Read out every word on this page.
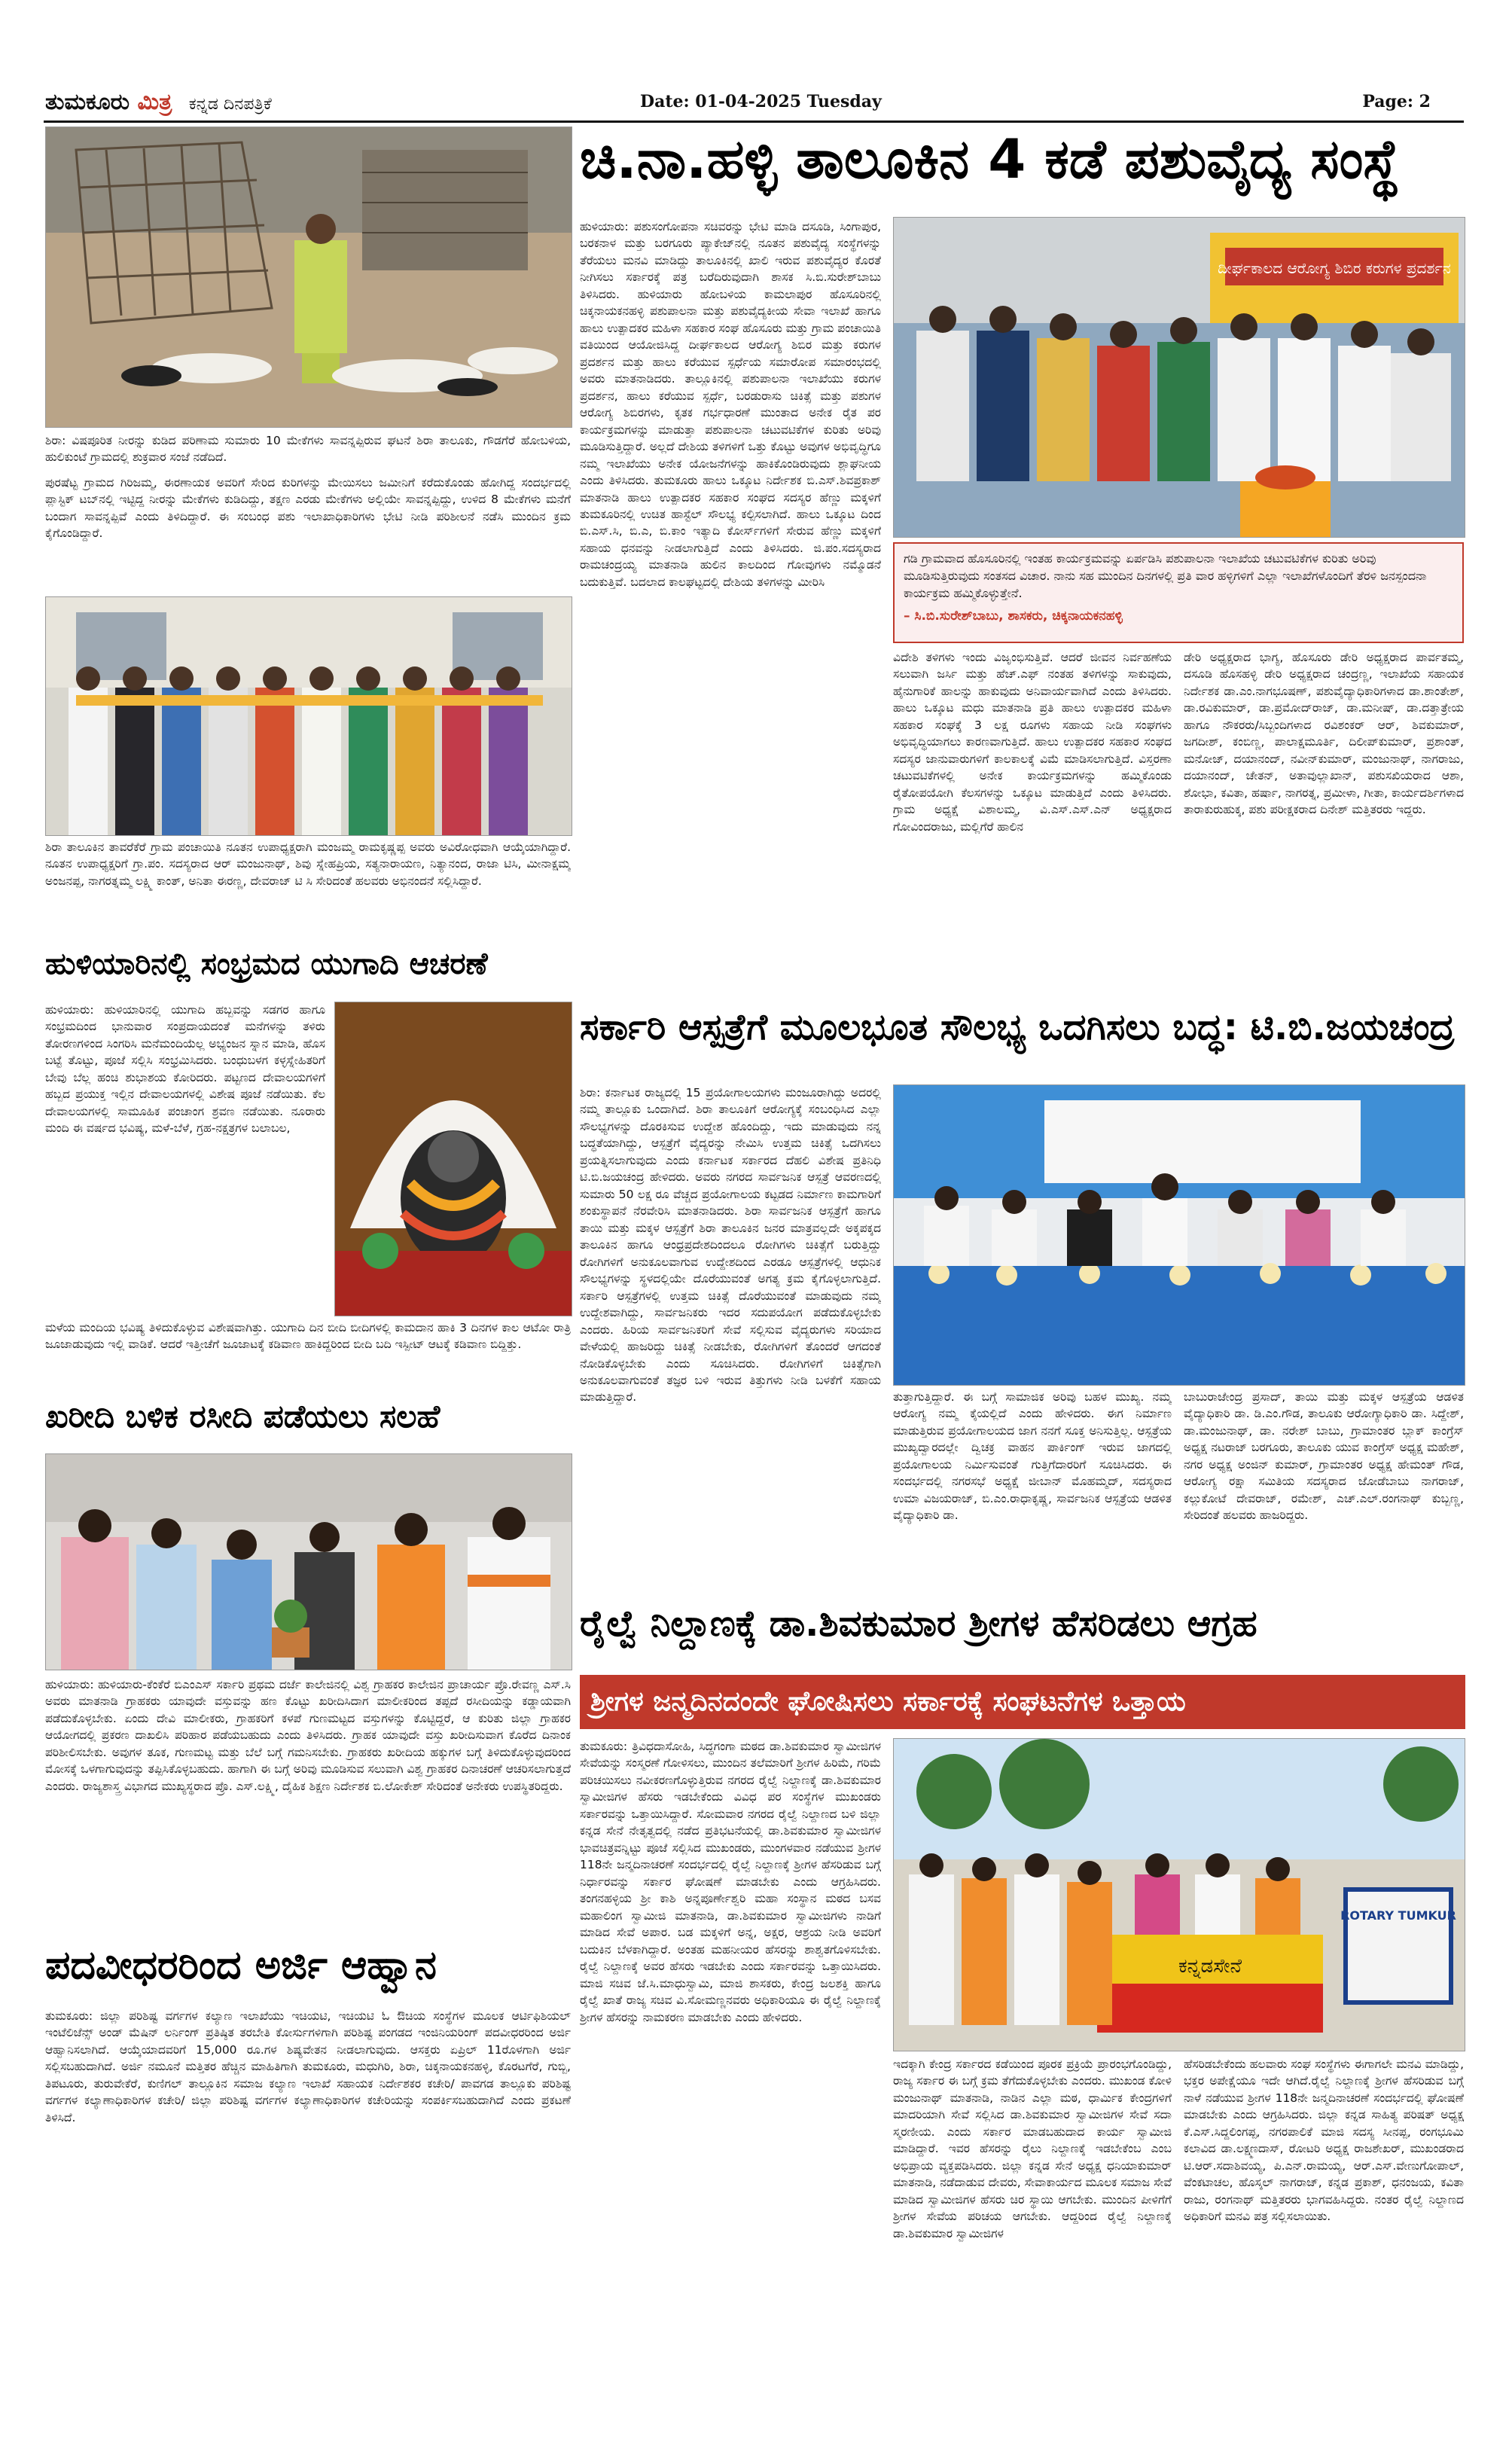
ತುಮಕೂರು ಮಿತ್ರ ಕನ್ನಡ ದಿನಪತ್ರಿಕೆ	Date: 01-04-2025 Tuesday	Page: 2
ಶಿರಾ: ವಿಷಪೂರಿತ ನೀರನ್ನು ಕುಡಿದ ಪರಿಣಾಮ ಸುಮಾರು 10 ಮೇಕೆಗಳು ಸಾವನ್ನಪ್ಪಿರುವ ಘಟನೆ ಶಿರಾ ತಾಲೂಕು, ಗೌಡಗೆರೆ ಹೋಬಳಿಯ, ಹುಲಿಕುಂಟೆ ಗ್ರಾಮದಲ್ಲಿ ಶುಕ್ರವಾರ ಸಂಜೆ ನಡೆದಿದೆ.
ಪುರಷೆಟ್ಟ ಗ್ರಾಮದ ಗಿರಿಜಮ್ಮ, ಈರಣಾಯಕ ಅವರಿಗೆ ಸೇರಿದ ಕುರಿಗಳನ್ನು ಮೇಯಿಸಲು ಜಮೀನಿಗೆ ಕರೆದುಕೊಂಡು ಹೋಗಿದ್ದ ಸಂದರ್ಭದಲ್ಲಿ ಪ್ಲಾಸ್ಟಿಕ್ ಟಬ್‌ನಲ್ಲಿ ಇಟ್ಟಿದ್ದ ನೀರನ್ನು ಮೇಕೆಗಳು ಕುಡಿದಿದ್ದು, ತಕ್ಷಣ ಎರಡು ಮೇಕೆಗಳು ಅಲ್ಲಿಯೇ ಸಾವನ್ನಪ್ಪಿದ್ದು, ಉಳಿದ 8 ಮೇಕೆಗಳು ಮನೆಗೆ ಬಂದಾಗ ಸಾವನ್ನಪ್ಪಿವೆ ಎಂದು ತಿಳಿದಿದ್ದಾರೆ. ಈ ಸಂಬಂಧ ಪಶು ಇಲಾಖಾಧಿಕಾರಿಗಳು ಭೇಟಿ ನೀಡಿ ಪರಿಶೀಲನೆ ನಡೆಸಿ ಮುಂದಿನ ಕ್ರಮ ಕೈಗೊಂಡಿದ್ದಾರೆ.
ಶಿರಾ ತಾಲೂಕಿನ ತಾವರೆಕೆರೆ ಗ್ರಾಮ ಪಂಚಾಯಿತಿ ನೂತನ ಉಪಾಧ್ಯಕ್ಷರಾಗಿ ಮಂಜಮ್ಮ ರಾಮಕೃಷ್ಣಪ್ಪ ಅವರು ಅವಿರೋಧವಾಗಿ ಆಯ್ಕೆಯಾಗಿದ್ದಾರೆ. ನೂತನ ಉಪಾಧ್ಯಕ್ಷರಿಗೆ ಗ್ರಾ.ಪಂ. ಸದಸ್ಯರಾದ ಆರ್ ಮಂಜುನಾಥ್, ಶಿವು ಸ್ನೇಹಪ್ರಿಯ, ಸತ್ಯನಾರಾಯಣ, ನಿತ್ಯಾನಂದ, ರಾಜಾ ಟಿಸಿ, ಮೀನಾಕ್ಷಮ್ಮ ಅಂಜನಪ್ಪ, ನಾಗರತ್ನಮ್ಮ ಲಕ್ಷ್ಮಿ ಕಾಂತ್, ಅನಿತಾ ಈರಣ್ಣ, ದೇವರಾಜ್ ಟಿ ಸಿ ಸೇರಿದಂತೆ ಹಲವರು ಅಭಿನಂದನೆ ಸಲ್ಲಿಸಿದ್ದಾರೆ.
ಹುಳಿಯಾರಿನಲ್ಲಿ ಸಂಭ್ರಮದ ಯುಗಾದಿ ಆಚರಣೆ
ಹುಳಿಯಾರು: ಹುಳಿಯಾರಿನಲ್ಲಿ ಯುಗಾದಿ ಹಬ್ಬವನ್ನು ಸಡಗರ ಹಾಗೂ ಸಂಭ್ರಮದಿಂದ ಭಾನುವಾರ ಸಂಪ್ರದಾಯದಂತೆ ಮನೆಗಳನ್ನು ತಳಿರು ತೋರಣಗಳಿಂದ ಸಿಂಗರಿಸಿ ಮನೆಮಂದಿಯೆಲ್ಲ ಅಭ್ಯಂಜನ ಸ್ನಾನ ಮಾಡಿ, ಹೊಸ ಬಟ್ಟೆ ತೊಟ್ಟು, ಪೂಜೆ ಸಲ್ಲಿಸಿ ಸಂಭ್ರಮಿಸಿದರು. ಬಂಧುಬಳಗ ಕಳ್ಳಸ್ನೇಹಿತರಿಗೆ ಬೇವು ಬೆಲ್ಲ ಹಂಚಿ ಶುಭಾಶಯ ಕೋರಿದರು. ಪಟ್ಟಣದ ದೇವಾಲಯಗಳಿಗೆ ಹಬ್ಬದ ಪ್ರಯುಕ್ತ ಇಲ್ಲಿನ ದೇವಾಲಯಗಳಲ್ಲಿ ವಿಶೇಷ ಪೂಜೆ ನಡೆಯಿತು. ಕೆಲ ದೇವಾಲಯಗಳಲ್ಲಿ ಸಾಮೂಹಿಕ ಪಂಚಾಂಗ ಶ್ರವಣ ನಡೆಯಿತು. ನೂರಾರು ಮಂದಿ ಈ ವರ್ಷದ ಭವಿಷ್ಯ, ಮಳೆ-ಬೆಳೆ, ಗ್ರಹ-ನಕ್ಷತ್ರಗಳ ಬಲಾಬಲ,
ಮಳೆಯ ಮಂದಿಯ ಭವಿಷ್ಯ ತಿಳಿದುಕೊಳ್ಳುವ ವಿಶೇಷವಾಗಿತ್ತು. ಯುಗಾದಿ ದಿನ ಬೀದಿ ಬೀದಿಗಳಲ್ಲಿ ಕಾಮದಾನ ಹಾಕಿ 3 ದಿನಗಳ ಕಾಲ ಆಟೋ ರಾತ್ರಿ ಜೂಜಾಡುವುದು ಇಲ್ಲಿ ವಾಡಿಕೆ. ಆದರೆ ಇತ್ತೀಚೆಗೆ ಜೂಜಾಟಕ್ಕೆ ಕಡಿವಾಣ ಹಾಕಿದ್ದರಿಂದ ಬೀದಿ ಬದಿ ಇಸ್ಪೀಟ್ ಆಟಕ್ಕೆ ಕಡಿವಾಣ ಬಿದ್ದಿತ್ತು.
ಖರೀದಿ ಬಳಿಕ ರಸೀದಿ ಪಡೆಯಲು ಸಲಹೆ
ಹುಳಿಯಾರು: ಹುಳಿಯಾರು-ಕೆಂಕೆರೆ ಬಿಎಂಎಸ್ ಸರ್ಕಾರಿ ಪ್ರಥಮ ದರ್ಜೆ ಕಾಲೇಜಿನಲ್ಲಿ ವಿಶ್ವ ಗ್ರಾಹಕರ ಕಾಲೇಜಿನ ಪ್ರಾಚಾರ್ಯ ಪ್ರೊ.ರೇವಣ್ಣ ಎಸ್.ಸಿ ಅವರು ಮಾತನಾಡಿ ಗ್ರಾಹಕರು ಯಾವುದೇ ವಸ್ತುವನ್ನು ಹಣ ಕೊಟ್ಟು ಖರೀದಿಸಿದಾಗ ಮಾಲೀಕರಿಂದ ತಪ್ಪದೆ ರಸೀದಿಯನ್ನು ಕಡ್ಡಾಯವಾಗಿ ಪಡೆದುಕೊಳ್ಳಬೇಕು. ಏಂದು ದೇವಿ ಮಾಲೀಕರು, ಗ್ರಾಹಕರಿಗೆ ಕಳಪೆ ಗುಣಮಟ್ಟದ ವಸ್ತುಗಳನ್ನು ಕೊಟ್ಟಿದ್ದರೆ, ಆ ಕುರಿತು ಜಿಲ್ಲಾ ಗ್ರಾಹಕರ ಆಯೋಗದಲ್ಲಿ ಪ್ರಕರಣ ದಾಖಲಿಸಿ ಪರಿಹಾರ ಪಡೆಯಬಹುದು ಎಂದು ತಿಳಿಸಿದರು. ಗ್ರಾಹಕ ಯಾವುದೇ ವಸ್ತು ಖರೀದಿಸುವಾಗ ಕೊರೆದ ದಿನಾಂಕ ಪರಿಶೀಲಿಸಬೇಕು. ಅವುಗಳ ತೂಕ, ಗುಣಮಟ್ಟ ಮತ್ತು ಬೆಲೆ ಬಗ್ಗೆ ಗಮನಿಸಬೇಕು. ಗ್ರಾಹಕರು ಖರೀದಿಯ ಹಕ್ಕುಗಳ ಬಗ್ಗೆ ತಿಳಿದುಕೊಳ್ಳುವುದರಿಂದ ಮೋಸಕ್ಕೆ ಒಳಗಾಗುವುದನ್ನು ತಪ್ಪಿಸಿಕೊಳ್ಳಬಹುದು. ಹಾಗಾಗಿ ಈ ಬಗ್ಗೆ ಅರಿವು ಮೂಡಿಸುವ ಸಲುವಾಗಿ ವಿಶ್ವ ಗ್ರಾಹಕರ ದಿನಾಚರಣೆ ಆಚರಿಸಲಾಗುತ್ತದೆ ಎಂದರು. ರಾಜ್ಯಶಾಸ್ತ್ರ ವಿಭಾಗದ ಮುಖ್ಯಸ್ಥರಾದ ಪ್ರೊ. ಎಸ್.ಲಕ್ಷ್ಮಿ, ದೈಹಿಕ ಶಿಕ್ಷಣ ನಿರ್ದೇಶಕ ಬಿ.ಲೋಕೇಶ್ ಸೇರಿದಂತೆ ಅನೇಕರು ಉಪಸ್ಥಿತರಿದ್ದರು.
ಪದವೀಧರರಿಂದ ಅರ್ಜಿ ಆಹ್ವಾನ
ತುಮಕೂರು: ಜಿಲ್ಲಾ ಪರಿಶಿಷ್ಟ ವರ್ಗಗಳ ಕಲ್ಯಾಣ ಇಲಾಖೆಯು ಇಚಿಯಟಿ, ಇಚಿಯಟಿ ಓ ಔಚಿಯ ಸಂಸ್ಥೆಗಳ ಮೂಲಕ ಆರ್ಟಿಫಿಶಿಯಲ್ ಇಂಟೆಲಿಜೆನ್ಸ್ ಅಂಡ್ ಮೆಷಿನ್ ಲರ್ನಿಂಗ್ ಪ್ರತಿಷ್ಠಿತ ತರಬೇತಿ ಕೋರ್ಸುಗಳಿಗಾಗಿ ಪರಿಶಿಷ್ಟ ಪಂಗಡದ ಇಂಜಿನಿಯರಿಂಗ್ ಪದವೀಧರರಿಂದ ಅರ್ಜಿ ಆಹ್ವಾನಿಸಲಾಗಿದೆ. ಆಯ್ಕೆಯಾದವರಿಗೆ 15,000 ರೂ.ಗಳ ಶಿಷ್ಯವೇತನ ನೀಡಲಾಗುವುದು. ಆಸಕ್ತರು ಏಪ್ರಿಲ್ 11ರೊಳಗಾಗಿ ಅರ್ಜಿ ಸಲ್ಲಿಸಬಹುದಾಗಿದೆ. ಅರ್ಜಿ ನಮೂನೆ ಮತ್ತಿತರ ಹೆಚ್ಚಿನ ಮಾಹಿತಿಗಾಗಿ ತುಮಕೂರು, ಮಧುಗಿರಿ, ಶಿರಾ, ಚಿಕ್ಕನಾಯಕನಹಳ್ಳಿ, ಕೊರಟಗೆರೆ, ಗುಬ್ಬಿ, ತಿಪಟೂರು, ತುರುವೇಕೆರೆ, ಕುಣಿಗಲ್ ತಾಲ್ಲೂಕಿನ ಸಮಾಜ ಕಲ್ಯಾಣ ಇಲಾಖೆ ಸಹಾಯಕ ನಿರ್ದೇಶಕರ ಕಚೇರಿ/ ಪಾವಗಡ ತಾಲ್ಲೂಕು ಪರಿಶಿಷ್ಟ ವರ್ಗಗಳ ಕಲ್ಯಾಣಾಧಿಕಾರಿಗಳ ಕಚೇರಿ/ ಜಿಲ್ಲಾ ಪರಿಶಿಷ್ಟ ವರ್ಗಗಳ ಕಲ್ಯಾಣಾಧಿಕಾರಿಗಳ ಕಚೇರಿಯನ್ನು ಸಂಪರ್ಕಿಸಬಹುದಾಗಿದೆ ಎಂದು ಪ್ರಕಟಣೆ ತಿಳಿಸಿದೆ.
ಚಿ.ನಾ.ಹಳ್ಳಿ ತಾಲೂಕಿನ 4 ಕಡೆ ಪಶುವೈದ್ಯ ಸಂಸ್ಥೆ
ಹುಳಿಯಾರು: ಪಶುಸಂಗೋಪನಾ ಸಚಿವರನ್ನು ಭೇಟಿ ಮಾಡಿ ದಸೂಡಿ, ಸಿಂಗಾಪುರ, ಬರಕನಾಳ ಮತ್ತು ಬರಗೂರು ಪ್ಯಾಕೇಜ್‌ನಲ್ಲಿ ನೂತನ ಪಶುವೈದ್ಯ ಸಂಸ್ಥೆಗಳನ್ನು ತೆರೆಯಲು ಮನವಿ ಮಾಡಿದ್ದು ತಾಲೂಕಿನಲ್ಲಿ ಖಾಲಿ ಇರುವ ಪಶುವೈದ್ಯರ ಕೊರತೆ ನೀಗಿಸಲು ಸರ್ಕಾರಕ್ಕೆ ಪತ್ರ ಬರೆದಿರುವುದಾಗಿ ಶಾಸಕ ಸಿ.ಬಿ.ಸುರೇಶ್‌ಬಾಬು ತಿಳಿಸಿದರು. ಹುಳಿಯಾರು ಹೋಬಳಿಯ ಕಾಮಲಾಪುರ ಹೊಸೂರಿನಲ್ಲಿ ಚಿಕ್ಕನಾಯಕನಹಳ್ಳಿ ಪಶುಪಾಲನಾ ಮತ್ತು ಪಶುವೈದ್ಯಕೀಯ ಸೇವಾ ಇಲಾಖೆ ಹಾಗೂ ಹಾಲು ಉತ್ಪಾದಕರ ಮಹಿಳಾ ಸಹಕಾರ ಸಂಘ ಹೊಸೂರು ಮತ್ತು ಗ್ರಾಮ ಪಂಚಾಯಿತಿ ವತಿಯಿಂದ ಆಯೋಜಿಸಿದ್ದ ದೀರ್ಘಕಾಲದ ಆರೋಗ್ಯ ಶಿಬಿರ ಮತ್ತು ಕರುಗಳ ಪ್ರದರ್ಶನ ಮತ್ತು ಹಾಲು ಕರೆಯುವ ಸ್ಪರ್ಧೆಯ ಸಮಾರೋಪ ಸಮಾರಂಭದಲ್ಲಿ ಅವರು ಮಾತನಾಡಿದರು. ತಾಲ್ಲೂಕಿನಲ್ಲಿ ಪಶುಪಾಲನಾ ಇಲಾಖೆಯು ಕರುಗಳ ಪ್ರದರ್ಶನ, ಹಾಲು ಕರೆಯುವ ಸ್ಪರ್ಧೆ, ಬರಡುರಾಸು ಚಿಕಿತ್ಸೆ ಮತ್ತು ಪಶುಗಳ ಆರೋಗ್ಯ ಶಿಬಿರಗಳು, ಕೃತಕ ಗರ್ಭಧಾರಣೆ ಮುಂತಾದ ಅನೇಕ ರೈತ ಪರ ಕಾರ್ಯಕ್ರಮಗಳನ್ನು ಮಾಡುತ್ತಾ ಪಶುಪಾಲನಾ ಚಟುವಟಿಕೆಗಳ ಕುರಿತು ಅರಿವು ಮೂಡಿಸುತ್ತಿದ್ದಾರೆ. ಅಲ್ಲದೆ ದೇಶಿಯ ತಳಿಗಳಿಗೆ ಒತ್ತು ಕೊಟ್ಟು ಅವುಗಳ ಅಭಿವೃದ್ಧಿಗೂ ನಮ್ಮ ಇಲಾಖೆಯು ಅನೇಕ ಯೋಜನೆಗಳನ್ನು ಹಾಕಿಕೊಂಡಿರುವುದು ಶ್ಲಾಘನೀಯ ಎಂದು ತಿಳಿಸಿದರು. ತುಮಕೂರು ಹಾಲು ಒಕ್ಕೂಟ ನಿರ್ದೇಶಕ ಬಿ.ಎಸ್.ಶಿವಪ್ರಕಾಶ್ ಮಾತನಾಡಿ ಹಾಲು ಉತ್ಪಾದಕರ ಸಹಕಾರ ಸಂಘದ ಸದಸ್ಯರ ಹೆಣ್ಣು ಮಕ್ಕಳಿಗೆ ತುಮಕೂರಿನಲ್ಲಿ ಉಚಿತ ಹಾಸ್ಟೆಲ್ ಸೌಲಭ್ಯ ಕಲ್ಪಿಸಲಾಗಿದೆ. ಹಾಲು ಒಕ್ಕೂಟ ದಿಂದ ಬಿ.ಎಸ್.ಸಿ, ಬಿ.ಎ, ಬಿ.ಕಾಂ ಇತ್ಯಾದಿ ಕೋರ್ಸ್‌ಗಳಿಗೆ ಸೇರುವ ಹೆಣ್ಣು ಮಕ್ಕಳಿಗೆ ಸಹಾಯ ಧನವನ್ನು ನೀಡಲಾಗುತ್ತಿದೆ ಎಂದು ತಿಳಿಸಿದರು. ಜಿ.ಪಂ.ಸದಸ್ಯರಾದ ರಾಮಚಂದ್ರಯ್ಯ ಮಾತನಾಡಿ ಹುಲಿನ ಕಾಲದಿಂದ ಗೋವುಗಳು ನಮ್ಮೊಡನೆ ಬದುಕುತ್ತಿವೆ. ಬದಲಾದ ಕಾಲಘಟ್ಟದಲ್ಲಿ ದೇಶಿಯ ತಳಿಗಳನ್ನು ಮೀರಿಸಿ
ದೀರ್ಘಕಾಲದ ಆರೋಗ್ಯ ಶಿಬಿರ ಕರುಗಳ ಪ್ರದರ್ಶನ
ಗಡಿ ಗ್ರಾಮವಾದ ಹೊಸೂರಿನಲ್ಲಿ ಇಂತಹ ಕಾರ್ಯಕ್ರಮವನ್ನು ಏರ್ಪಡಿಸಿ ಪಶುಪಾಲನಾ ಇಲಾಖೆಯ ಚಟುವಟಿಕೆಗಳ ಕುರಿತು ಅರಿವು ಮೂಡಿಸುತ್ತಿರುವುದು ಸಂತಸದ ವಿಚಾರ. ನಾನು ಸಹ ಮುಂದಿನ ದಿನಗಳಲ್ಲಿ ಪ್ರತಿ ವಾರ ಹಳ್ಳಿಗಳಿಗೆ ಎಲ್ಲಾ ಇಲಾಖೆಗಳೊಂದಿಗೆ ತೆರಳಿ ಜನಸ್ಪಂದನಾ ಕಾರ್ಯಕ್ರಮ ಹಮ್ಮಿಕೊಳ್ಳುತ್ತೇನೆ.
– ಸಿ.ಬಿ.ಸುರೇಶ್‌ಬಾಬು, ಶಾಸಕರು, ಚಿಕ್ಕನಾಯಕನಹಳ್ಳಿ
ವಿದೇಶಿ ತಳಿಗಳು ಇಂದು ವಿಜೃಂಭಿಸುತ್ತಿವೆ. ಆದರೆ ಜೀವನ ನಿರ್ವಹಣೆಯ ಸಲುವಾಗಿ ಜರ್ಸಿ ಮತ್ತು ಹೆಚ್.ಎಫ್ ನಂತಹ ತಳಿಗಳನ್ನು ಸಾಕುವುದು, ಹೈನುಗಾರಿಕೆ ಹಾಲನ್ನು ಹಾಕುವುದು ಅನಿವಾರ್ಯವಾಗಿದೆ ಎಂದು ತಿಳಿಸಿದರು. ಹಾಲು ಒಕ್ಕೂಟ ಮಧು ಮಾತನಾಡಿ ಪ್ರತಿ ಹಾಲು ಉತ್ಪಾದಕರ ಮಹಿಳಾ ಸಹಕಾರ ಸಂಘಕ್ಕೆ 3 ಲಕ್ಷ ರೂಗಳು ಸಹಾಯ ನೀಡಿ ಸಂಘಗಳು ಅಭಿವೃದ್ಧಿಯಾಗಲು ಕಾರಣವಾಗುತ್ತಿದೆ. ಹಾಲು ಉತ್ಪಾದಕರ ಸಹಕಾರ ಸಂಘದ ಸದಸ್ಯರ ಜಾನುವಾರುಗಳಿಗೆ ಕಾಲಕಾಲಕ್ಕೆ ವಿಮೆ ಮಾಡಿಸಲಾಗುತ್ತಿದೆ. ವಿಸ್ತರಣಾ ಚಟುವಟಿಕೆಗಳಲ್ಲಿ ಅನೇಕ ಕಾರ್ಯಕ್ರಮಗಳನ್ನು ಹಮ್ಮಿಕೊಂಡು ರೈತೋಪಯೋಗಿ ಕೆಲಸಗಳನ್ನು ಒಕ್ಕೂಟ ಮಾಡುತ್ತಿದೆ ಎಂದು ತಿಳಿಸಿದರು. ಗ್ರಾಮ ಅಧ್ಯಕ್ಷೆ ವಿಶಾಲಮ್ಮ, ವಿ.ಎಸ್.ಎಸ್.ಎನ್ ಅಧ್ಯಕ್ಷರಾದ ಗೋವಿಂದರಾಜು, ಮಲ್ಲಿಗೆರೆ ಹಾಲಿನ
ಡೇರಿ ಅಧ್ಯಕ್ಷರಾದ ಭಾಗ್ಯ, ಹೊಸೂರು ಡೇರಿ ಅಧ್ಯಕ್ಷರಾದ ಪಾರ್ವತಮ್ಮ, ದಸೂಡಿ ಹೊಸಹಳ್ಳಿ ಡೇರಿ ಅಧ್ಯಕ್ಷರಾದ ಚಂದ್ರಣ್ಣ, ಇಲಾಖೆಯ ಸಹಾಯಕ ನಿರ್ದೇಶಕ ಡಾ.ಎಂ.ನಾಗಭೂಷಣ್, ಪಶುವೈದ್ಯಾಧಿಕಾರಿಗಳಾದ ಡಾ.ಶಾಂತೇಶ್, ಡಾ.ರವಿಕುಮಾರ್, ಡಾ.ಪ್ರಮೋದ್‌ರಾಜ್, ಡಾ.ಮನೀಷ್, ಡಾ.ದತ್ತಾತ್ರೇಯ ಹಾಗೂ ನೌಕರರು/ಸಿಬ್ಬಂದಿಗಳಾದ ರವಿಶಂಕರ್ ಆರ್, ಶಿವಕುಮಾರ್, ಜಗದೀಶ್, ಕಂಬಿಣ್ಣ, ಪಾಲಾಕ್ಷಮೂರ್ತಿ, ದಿಲೀಪ್‌ಕುಮಾರ್, ಪ್ರಶಾಂತ್, ಮನೋಜ್, ದಯಾನಂದ್, ನವೀನ್‌ಕುಮಾರ್, ಮಂಜುನಾಥ್, ನಾಗರಾಜು, ದಯಾನಂದ್, ಚೇತನ್, ಅತಾವುಲ್ಲಾಖಾನ್, ಪಶುಸಖಿಯರಾದ ಆಶಾ, ಶೋಭಾ, ಕವಿತಾ, ಹರ್ಷಾ, ನಾಗರತ್ನ, ಪ್ರಮೀಳಾ, ಗೀತಾ, ಕಾರ್ಯದರ್ಶಿಗಳಾದ ತಾರಾಕುರುಹುಕ್ಕ, ಪಶು ಪರೀಕ್ಷಕರಾದ ದಿನೇಶ್ ಮತ್ತಿತರರು ಇದ್ದರು.
ಸರ್ಕಾರಿ ಆಸ್ಪತ್ರೆಗೆ ಮೂಲಭೂತ ಸೌಲಭ್ಯ ಒದಗಿಸಲು ಬದ್ಧ: ಟಿ.ಬಿ.ಜಯಚಂದ್ರ
ಶಿರಾ: ಕರ್ನಾಟಕ ರಾಜ್ಯದಲ್ಲಿ 15 ಪ್ರಯೋಗಾಲಯಗಳು ಮಂಜೂರಾಗಿದ್ದು ಅದರಲ್ಲಿ ನಮ್ಮ ತಾಲ್ಲೂಕು ಒಂದಾಗಿದೆ. ಶಿರಾ ತಾಲೂಕಿಗೆ ಆರೋಗ್ಯಕ್ಕೆ ಸಂಬಂಧಿಸಿದ ಎಲ್ಲಾ ಸೌಲಭ್ಯಗಳನ್ನು ದೊರಕಿಸುವ ಉದ್ದೇಶ ಹೊಂದಿದ್ದು, ಇದು ಮಾಡುವುದು ನನ್ನ ಬದ್ಧತೆಯಾಗಿದ್ದು, ಆಸ್ಪತ್ರೆಗೆ ವೈದ್ಯರನ್ನು ನೇಮಿಸಿ ಉತ್ತಮ ಚಿಕಿತ್ಸೆ ಒದಗಿಸಲು ಪ್ರಯತ್ನಿಸಲಾಗುವುದು ಎಂದು ಕರ್ನಾಟಕ ಸರ್ಕಾರದ ದೆಹಲಿ ವಿಶೇಷ ಪ್ರತಿನಿಧಿ ಟಿ.ಬಿ.ಜಯಚಂದ್ರ ಹೇಳಿದರು. ಅವರು ನಗರದ ಸಾರ್ವಜನಿಕ ಆಸ್ಪತ್ರೆ ಆವರಣದಲ್ಲಿ ಸುಮಾರು 50 ಲಕ್ಷ ರೂ ವೆಚ್ಚದ ಪ್ರಯೋಗಾಲಯ ಕಟ್ಟಡದ ನಿರ್ಮಾಣ ಕಾಮಗಾರಿಗೆ ಶಂಕುಸ್ಥಾಪನೆ ನೆರವೇರಿಸಿ ಮಾತನಾಡಿದರು. ಶಿರಾ ಸಾರ್ವಜನಿಕ ಆಸ್ಪತ್ರೆಗೆ ಹಾಗೂ ತಾಯಿ ಮತ್ತು ಮಕ್ಕಳ ಆಸ್ಪತ್ರೆಗೆ ಶಿರಾ ತಾಲೂಕಿನ ಜನರ ಮಾತ್ರವಲ್ಲದೇ ಅಕ್ಕಪಕ್ಕದ ತಾಲೂಕಿನ ಹಾಗೂ ಆಂಧ್ರಪ್ರದೇಶದಿಂದಲೂ ರೋಗಿಗಳು ಚಿಕಿತ್ಸೆಗೆ ಬರುತ್ತಿದ್ದು ರೋಗಿಗಳಿಗೆ ಅನುಕೂಲವಾಗುವ ಉದ್ದೇಶದಿಂದ ಎರಡೂ ಆಸ್ಪತ್ರೆಗಳಲ್ಲಿ ಆಧುನಿಕ ಸೌಲಭ್ಯಗಳನ್ನು ಸ್ಥಳದಲ್ಲಿಯೇ ದೊರೆಯುವಂತೆ ಅಗತ್ಯ ಕ್ರಮ ಕೈಗೊಳ್ಳಲಾಗುತ್ತಿದೆ. ಸರ್ಕಾರಿ ಆಸ್ಪತ್ರೆಗಳಲ್ಲಿ ಉತ್ತಮ ಚಿಕಿತ್ಸೆ ದೊರೆಯುವಂತೆ ಮಾಡುವುದು ನಮ್ಮ ಉದ್ದೇಶವಾಗಿದ್ದು, ಸಾರ್ವಜನಿಕರು ಇದರ ಸದುಪಯೋಗ ಪಡೆದುಕೊಳ್ಳಬೇಕು ಎಂದರು. ಹಿರಿಯ ಸಾರ್ವಜನಿಕರಿಗೆ ಸೇವೆ ಸಲ್ಲಿಸುವ ವೈದ್ಯರುಗಳು ಸರಿಯಾದ ವೇಳೆಯಲ್ಲಿ ಹಾಜರಿದ್ದು ಚಿಕಿತ್ಸೆ ನೀಡಬೇಕು, ರೋಗಿಗಳಿಗೆ ತೊಂದರೆ ಆಗದಂತೆ ನೋಡಿಕೊಳ್ಳಬೇಕು ಎಂದು ಸೂಚಿಸಿದರು. ರೋಗಿಗಳಿಗೆ ಚಿಕಿತ್ಸೆಗಾಗಿ ಅನುಕೂಲವಾಗುವಂತೆ ತಜ್ಞರ ಬಳಿ ಇರುವ ತಿತ್ತುಗಳು ನೀಡಿ ಬಳಕೆಗೆ ಸಹಾಯ ಮಾಡುತ್ತಿದ್ದಾರೆ.	ತುತ್ತಾಗುತ್ತಿದ್ದಾರೆ. ಈ ಬಗ್ಗೆ ಸಾಮಾಜಿಕ ಅರಿವು ಬಹಳ ಮುಖ್ಯ. ನಮ್ಮ ಆರೋಗ್ಯ ನಮ್ಮ ಕೈಯಲ್ಲಿದೆ ಎಂದು ಹೇಳಿದರು. ಈಗ ನಿರ್ಮಾಣ ಮಾಡುತ್ತಿರುವ ಪ್ರಯೋಗಾಲಯದ ಜಾಗ ನನಗೆ ಸೂಕ್ತ ಅನಿಸುತ್ತಿಲ್ಲ. ಆಸ್ಪತ್ರೆಯ ಮುಖ್ಯದ್ವಾರದಲ್ಲೇ ದ್ವಿಚಕ್ರ ವಾಹನ ಪಾರ್ಕಿಂಗ್ ಇರುವ ಜಾಗದಲ್ಲಿ ಪ್ರಯೋಗಾಲಯ ನಿರ್ಮಿಸುವಂತೆ ಗುತ್ತಿಗೆದಾರರಿಗೆ ಸೂಚಿಸಿದರು. ಈ ಸಂದರ್ಭದಲ್ಲಿ ನಗರಸಭೆ ಅಧ್ಯಕ್ಷೆ ಜೀಬಾನ್ ಮೊಹಮ್ಮದ್, ಸದಸ್ಯರಾದ ಉಮಾ ವಿಜಯರಾಜ್, ಬಿ.ಎಂ.ರಾಧಾಕೃಷ್ಣ, ಸಾರ್ವಜನಿಕ ಆಸ್ಪತ್ರೆಯ ಆಡಳಿತ ವೈದ್ಯಾಧಿಕಾರಿ ಡಾ.
ಬಾಬುರಾಜೇಂದ್ರ ಪ್ರಸಾದ್, ತಾಯಿ ಮತ್ತು ಮಕ್ಕಳ ಆಸ್ಪತ್ರೆಯ ಆಡಳಿತ ವೈದ್ಯಾಧಿಕಾರಿ ಡಾ. ಡಿ.ಎಂ.ಗೌಡ, ತಾಲೂಕು ಆರೋಗ್ಯಾಧಿಕಾರಿ ಡಾ. ಸಿದ್ದೇಶ್, ಡಾ.ಮಂಜುನಾಥ್, ಡಾ. ನರೇಶ್ ಬಾಬು, ಗ್ರಾಮಾಂತರ ಬ್ಲಾಕ್ ಕಾಂಗ್ರೆಸ್ ಅಧ್ಯಕ್ಷ ನಟರಾಜ್ ಬರಗೂರು, ತಾಲೂಕು ಯುವ ಕಾಂಗ್ರೆಸ್ ಅಧ್ಯಕ್ಷ ಮಹೇಶ್, ನಗರ ಅಧ್ಯಕ್ಷ ಅಂಜಿನ್ ಕುಮಾರ್, ಗ್ರಾಮಾಂತರ ಅಧ್ಯಕ್ಷ ಹೇಮಂತ್ ಗೌಡ, ಆರೋಗ್ಯ ರಕ್ಷಾ ಸಮಿತಿಯ ಸದಸ್ಯರಾದ ಜೋಡೆಬಾಬು ನಾಗರಾಜ್, ಕಲ್ಲುಕೋಟೆ ದೇವರಾಜ್, ರಮೇಶ್, ಎಚ್.ಎಲ್.ರಂಗನಾಥ್ ಕುಬ್ಬಣ್ಣ, ಸೇರಿದಂತೆ ಹಲವರು ಹಾಜರಿದ್ದರು.
ರೈಲ್ವೆ ನಿಲ್ದಾಣಕ್ಕೆ ಡಾ.ಶಿವಕುಮಾರ ಶ್ರೀಗಳ ಹೆಸರಿಡಲು ಆಗ್ರಹ
ಶ್ರೀಗಳ ಜನ್ಮದಿನದಂದೇ ಘೋಷಿಸಲು ಸರ್ಕಾರಕ್ಕೆ ಸಂಘಟನೆಗಳ ಒತ್ತಾಯ
ತುಮಕೂರು: ತ್ರಿವಿಧದಾಸೋಹಿ, ಸಿದ್ಧಗಂಗಾ ಮಠದ ಡಾ.ಶಿವಕುಮಾರ ಸ್ವಾಮೀಜಿಗಳ ಸೇವೆಯನ್ನು ಸಂಸ್ಮರಣೆ ಗೋಳಿಸಲು, ಮುಂದಿನ ತಲೆಮಾರಿಗೆ ಶ್ರೀಗಳ ಹಿರಿಮೆ, ಗರಿಮೆ ಪರಿಚಯಿಸಲು ನವೀಕರಣಗೊಳ್ಳುತ್ತಿರುವ ನಗರದ ರೈಲ್ವೆ ನಿಲ್ದಾಣಕ್ಕೆ ಡಾ.ಶಿವಕುಮಾರ ಸ್ವಾಮೀಜಿಗಳ ಹೆಸರು ಇಡಬೇಕೆಂದು ವಿವಿಧ ಪರ ಸಂಸ್ಥೆಗಳ ಮುಖಂಡರು ಸರ್ಕಾರವನ್ನು ಒತ್ತಾಯಿಸಿದ್ದಾರೆ. ಸೋಮವಾರ ನಗರದ ರೈಲ್ವೆ ನಿಲ್ದಾಣದ ಬಳಿ ಜಿಲ್ಲಾ ಕನ್ನಡ ಸೇನೆ ನೇತೃತ್ವದಲ್ಲಿ ನಡೆದ ಪ್ರತಿಭಟನೆಯಲ್ಲಿ ಡಾ.ಶಿವಕುಮಾರ ಸ್ವಾಮೀಜಿಗಳ ಭಾವಚಿತ್ರವನ್ನಿಟ್ಟು ಪೂಜೆ ಸಲ್ಲಿಸಿದ ಮುಖಂಡರು, ಮುಂಗಳವಾರ ನಡೆಯುವ ಶ್ರೀಗಳ 118ನೇ ಜನ್ಮದಿನಾಚರಣೆ ಸಂದರ್ಭದಲ್ಲಿ ರೈಲ್ವೆ ನಿಲ್ದಾಣಕ್ಕೆ ಶ್ರೀಗಳ ಹೆಸರಿಡುವ ಬಗ್ಗೆ ನಿರ್ಧಾರವನ್ನು ಸರ್ಕಾರ ಘೋಷಣೆ ಮಾಡಬೇಕು ಎಂದು ಆಗ್ರಹಿಸಿದರು. ತಂಗನಹಳ್ಳಿಯ ಶ್ರೀ ಕಾಶಿ ಅನ್ನಪೂರ್ಣೇಶ್ವರಿ ಮಹಾ ಸಂಸ್ಥಾನ ಮಠದ ಬಸವ ಮಹಾಲಿಂಗ ಸ್ವಾಮೀಜಿ ಮಾತನಾಡಿ, ಡಾ.ಶಿವಕುಮಾರ ಸ್ವಾಮೀಜಿಗಳು ನಾಡಿಗೆ ಮಾಡಿದ ಸೇವೆ ಅಪಾರ. ಬಡ ಮಕ್ಕಳಿಗೆ ಅನ್ನ, ಅಕ್ಷರ, ಆಶ್ರಯ ನೀಡಿ ಅವರಿಗೆ ಬದುಕಿನ ಬೆಳಕಾಗಿದ್ದಾರೆ. ಅಂತಹ ಮಹನೀಯರ ಹೆಸರನ್ನು ಶಾಶ್ವತಗೊಳಿಸಬೇಕು. ರೈಲ್ವೆ ನಿಲ್ದಾಣಕ್ಕೆ ಅವರ ಹೆಸರು ಇಡಬೇಕು ಎಂದು ಸರ್ಕಾರವನ್ನು ಒತ್ತಾಯಿಸಿದರು. ಮಾಜಿ ಸಚಿವ ಜೆ.ಸಿ.ಮಾಧುಸ್ವಾಮಿ, ಮಾಜಿ ಶಾಸಕರು, ಕೇಂದ್ರ ಜಲಶಕ್ತಿ ಹಾಗೂ ರೈಲ್ವೆ ಖಾತೆ ರಾಜ್ಯ ಸಚಿವ ವಿ.ಸೋಮಣ್ಣನವರು ಅಧಿಕಾರಿಯೂ ಈ ರೈಲ್ವೆ ನಿಲ್ದಾಣಕ್ಕೆ ಶ್ರೀಗಳ ಹೆಸರನ್ನು ನಾಮಕರಣ ಮಾಡಬೇಕು ಎಂದು ಹೇಳಿದರು.
ಕನ್ನಡಸೇನೆ
ROTARY TUMKUR
ಇದಕ್ಕಾಗಿ ಕೇಂದ್ರ ಸರ್ಕಾರದ ಕಡೆಯಿಂದ ಪೂರಕ ಪ್ರಕ್ರಿಯೆ ಪ್ರಾರಂಭಗೊಂಡಿದ್ದು, ರಾಜ್ಯ ಸರ್ಕಾರ ಈ ಬಗ್ಗೆ ಕ್ರಮ ತೆಗೆದುಕೊಳ್ಳಬೇಕು ಎಂದರು. ಮುಖಂಡ ಕೋಳಿ ಮಂಜುನಾಥ್ ಮಾತನಾಡಿ, ನಾಡಿನ ಎಲ್ಲಾ ಮಠ, ಧಾರ್ಮಿಕ ಕೇಂದ್ರಗಳಿಗೆ ಮಾದರಿಯಾಗಿ ಸೇವೆ ಸಲ್ಲಿಸಿದ ಡಾ.ಶಿವಕುಮಾರ ಸ್ವಾಮೀಜಿಗಳ ಸೇವೆ ಸದಾ ಸ್ಮರಣೀಯ. ಎಂದು ಸರ್ಕಾರ ಮಾಡಬಹುದಾದ ಕಾರ್ಯ ಸ್ವಾಮೀಜಿ ಮಾಡಿದ್ದಾರೆ. ಇವರ ಹೆಸರನ್ನು ರೈಲು ನಿಲ್ದಾಣಕ್ಕೆ ಇಡಬೇಕೆಂಬ ಎಂಬ ಅಭಿಪ್ರಾಯ ವ್ಯಕ್ತಪಡಿಸಿದರು. ಜಿಲ್ಲಾ ಕನ್ನಡ ಸೇನೆ ಅಧ್ಯಕ್ಷ ಧನಿಯಾಕುಮಾರ್ ಮಾತನಾಡಿ, ನಡೆದಾಡುವ ದೇವರು, ಸೇವಾಕಾರ್ಯದ ಮೂಲಕ ಸಮಾಜ ಸೇವೆ ಮಾಡಿದ ಸ್ವಾಮೀಜಿಗಳ ಹೆಸರು ಚಿರ ಸ್ಥಾಯಿ ಆಗಬೇಕು. ಮುಂದಿನ ಪೀಳಿಗೆಗೆ ಶ್ರೀಗಳ ಸೇವೆಯ ಪರಿಚಯ ಆಗಬೇಕು. ಆದ್ದರಿಂದ ರೈಲ್ವೆ ನಿಲ್ದಾಣಕ್ಕೆ ಡಾ.ಶಿವಕುಮಾರ ಸ್ವಾಮೀಜಿಗಳ
ಹೆಸರಿಡಬೇಕೆಂದು ಹಲವಾರು ಸಂಘ ಸಂಸ್ಥೆಗಳು ಈಗಾಗಲೇ ಮನವಿ ಮಾಡಿದ್ದು, ಭಕ್ತರ ಅಪೇಕ್ಷೆಯೂ ಇದೇ ಆಗಿದೆ.ರೈಲ್ವೆ ನಿಲ್ದಾಣಕ್ಕೆ ಶ್ರೀಗಳ ಹೆಸರಿಡುವ ಬಗ್ಗೆ ನಾಳೆ ನಡೆಯುವ ಶ್ರೀಗಳ 118ನೇ ಜನ್ಮದಿನಾಚರಣೆ ಸಂದರ್ಭದಲ್ಲಿ ಘೋಷಣೆ ಮಾಡಬೇಕು ಎಂದು ಆಗ್ರಹಿಸಿದರು. ಜಿಲ್ಲಾ ಕನ್ನಡ ಸಾಹಿತ್ಯ ಪರಿಷತ್ ಅಧ್ಯಕ್ಷ ಕೆ.ಎಸ್.ಸಿದ್ದಲಿಂಗಪ್ಪ, ನಗರಪಾಲಿಕೆ ಮಾಜಿ ಸದಸ್ಯ ಸೀನಪ್ಪ, ರಂಗಭೂಮಿ ಕಲಾವಿದ ಡಾ.ಲಕ್ಷ್ಮಣದಾಸ್, ರೋಟರಿ ಅಧ್ಯಕ್ಷ ರಾಜಶೇಖರ್, ಮುಖಂಡರಾದ ಟಿ.ಆರ್.ಸದಾಶಿವಯ್ಯ, ಪಿ.ಎನ್.ರಾಮಯ್ಯ, ಆರ್.ಎಸ್.ವೇಣುಗೋಪಾಲ್, ವೆಂಕಟಾಚಲ, ಹೊಸ್ಕಲ್ ನಾಗರಾಜ್, ಕನ್ನಡ ಪ್ರಕಾಶ್, ಧನಂಜಯ, ಕವಿತಾ ರಾಜು, ರಂಗನಾಥ್ ಮತ್ತಿತರರು ಭಾಗವಹಿಸಿದ್ದರು. ನಂತರ ರೈಲ್ವೆ ನಿಲ್ದಾಣದ ಅಧಿಕಾರಿಗೆ ಮನವಿ ಪತ್ರ ಸಲ್ಲಿಸಲಾಯಿತು.
